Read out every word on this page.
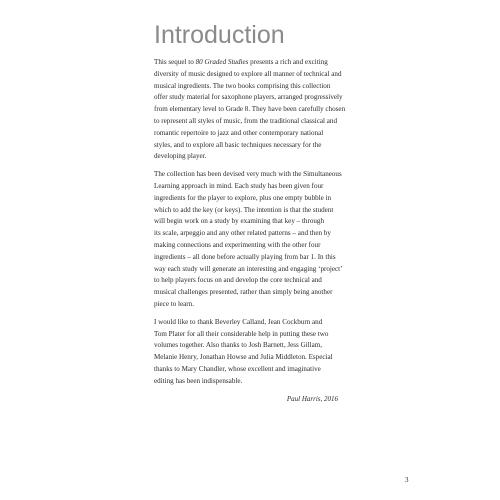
Introduction

This sequel to 80 Graded Studies presents a rich and exciting
diversity of music designed to explore all manner of technical and
musical ingredients. The two books comprising this collection
offer study material for saxophone players, arranged progressively
from elementary level to Grade 8. They have been carefully chosen
to represent all styles of music, from the traditional classical and
romantic repertoire to jazz and other contemporary national
styles, and to explore all basic techniques necessary for the
developing player.

The collection has been devised very much with the Simultaneous
Learning approach in mind. Each study has been given four
ingredients for the player to explore, plus one empty bubble in
which to add the key (or keys). The intention is that the student
will begin work on a study by examining that key – through
its scale, arpeggio and any other related patterns – and then by
making connections and experimenting with the other four
ingredients – all done before actually playing from bar 1. In this
way each study will generate an interesting and engaging ‘project’
to help players focus on and develop the core technical and
musical challenges presented, rather than simply being another
piece to learn.

I would like to thank Beverley Calland, Jean Cockburn and
Tom Plater for all their considerable help in putting these two
volumes together. Also thanks to Josh Barnett, Jess Gillam,
Melanie Henry, Jonathan Howse and Julia Middleton. Especial
thanks to Mary Chandler, whose excellent and imaginative
editing has been indispensable.

Paul Harris, 2016

3
